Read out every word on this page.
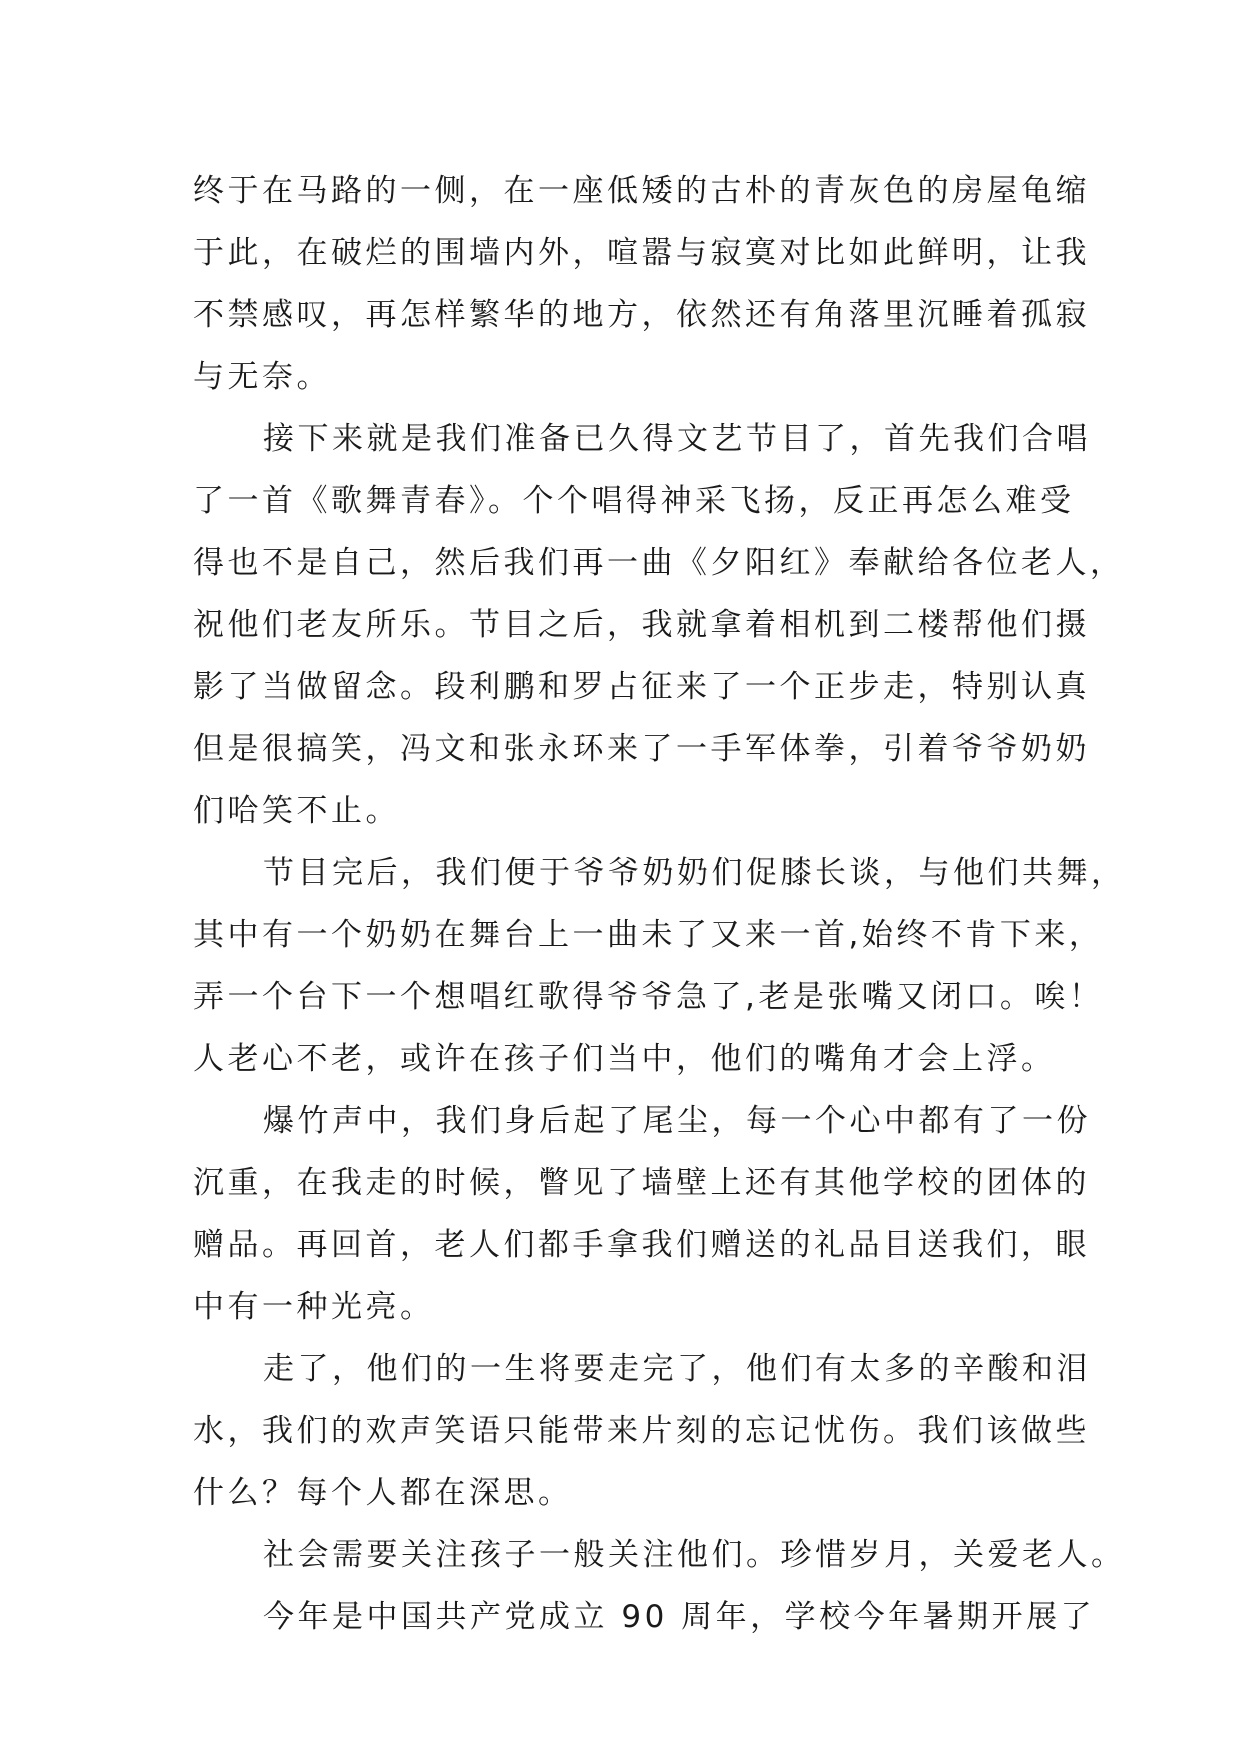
终于在马路的一侧，在一座低矮的古朴的青灰色的房屋龟缩
于此，在破烂的围墙内外，喧嚣与寂寞对比如此鲜明，让我
不禁感叹，再怎样繁华的地方，依然还有角落里沉睡着孤寂
与无奈。
接下来就是我们准备已久得文艺节目了，首先我们合唱
了一首《歌舞青春》。个个唱得神采飞扬，反正再怎么难受
得也不是自己，然后我们再一曲《夕阳红》奉献给各位老人，
祝他们老友所乐。节目之后，我就拿着相机到二楼帮他们摄
影了当做留念。段利鹏和罗占征来了一个正步走，特别认真
但是很搞笑，冯文和张永环来了一手军体拳，引着爷爷奶奶
们哈笑不止。
节目完后，我们便于爷爷奶奶们促膝长谈，与他们共舞，
其中有一个奶奶在舞台上一曲未了又来一首,始终不肯下来，
弄一个台下一个想唱红歌得爷爷急了,老是张嘴又闭口。唉！
人老心不老，或许在孩子们当中，他们的嘴角才会上浮。
爆竹声中，我们身后起了尾尘，每一个心中都有了一份
沉重，在我走的时候，瞥见了墙壁上还有其他学校的团体的
赠品。再回首，老人们都手拿我们赠送的礼品目送我们，眼
中有一种光亮。
走了，他们的一生将要走完了，他们有太多的辛酸和泪
水，我们的欢声笑语只能带来片刻的忘记忧伤。我们该做些
什么？每个人都在深思。
社会需要关注孩子一般关注他们。珍惜岁月，关爱老人。
今年是中国共产党成立 90 周年，学校今年暑期开展了
